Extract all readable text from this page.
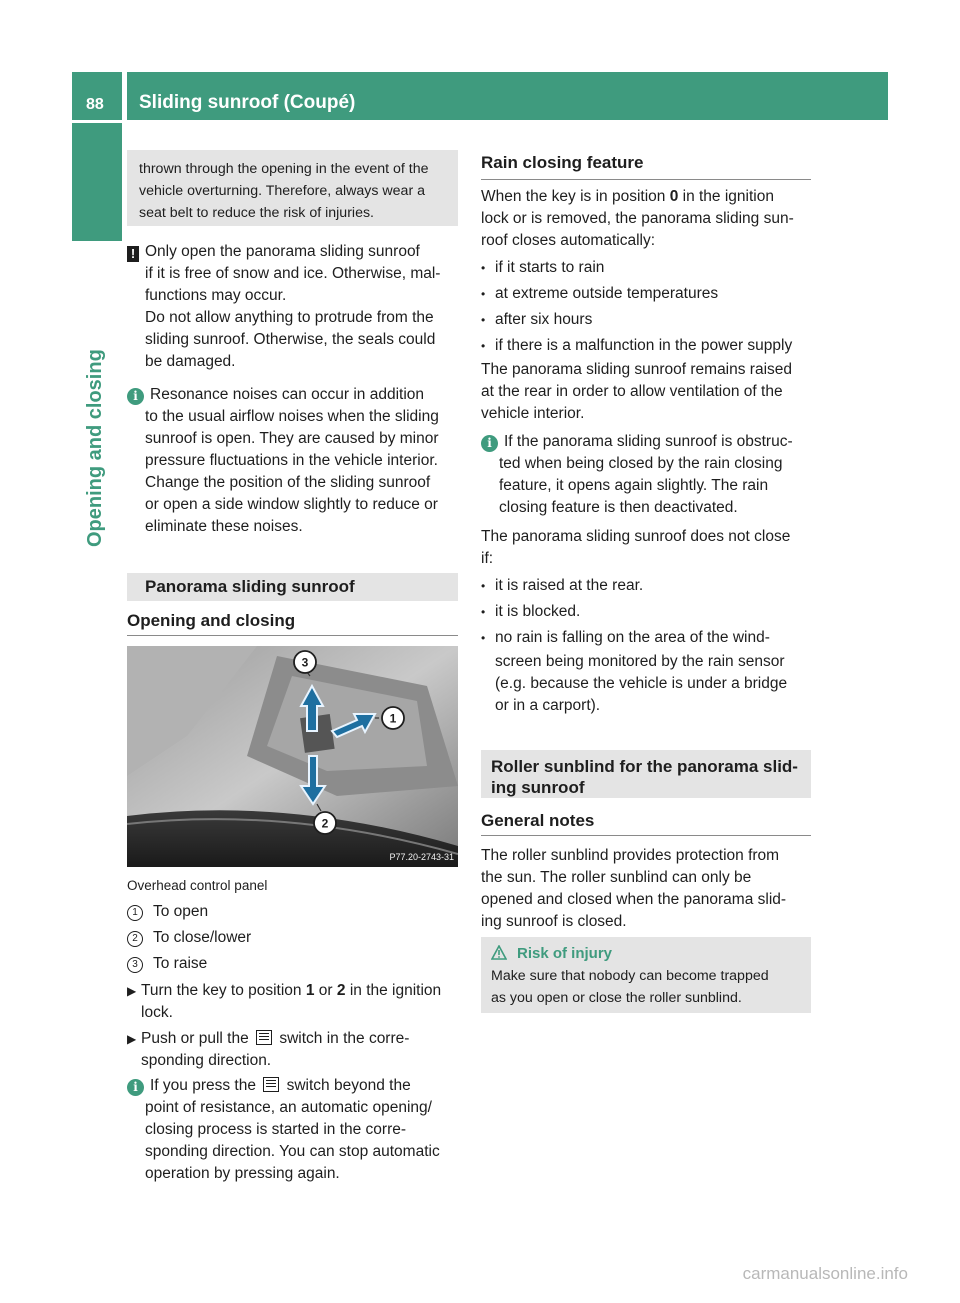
88	Sliding sunroof (Coupé)
Opening and closing
thrown through the opening in the event of the vehicle overturning. Therefore, always wear a seat belt to reduce the risk of injuries.

! Only open the panorama sliding sunroof

if it is free of snow and ice. Otherwise, mal-

functions may occur.

Do not allow anything to protrude from the

sliding sunroof. Otherwise, the seals could

be damaged.

i Resonance noises can occur in addition

to the usual airflow noises when the sliding

sunroof is open. They are caused by minor

pressure fluctuations in the vehicle interior.

Change the position of the sliding sunroof

or open a side window slightly to reduce or

eliminate these noises.

Panorama sliding sunroof
Opening and closing
3
1
2
P77.20-2743-31

Overhead control panel

1 To open

2 To close/lower

3 To raise

▶ Turn the key to position 1 or 2 in the ignition

lock.

▶ Push or pull the switch in the corre-

sponding direction.

i If you press the switch beyond the

point of resistance, an automatic opening/

closing process is started in the corre-

sponding direction. You can stop automatic

operation by pressing again.

Rain closing feature

When the key is in position 0 in the ignition

lock or is removed, the panorama sliding sun-

roof closes automatically:

• if it starts to rain

• at extreme outside temperatures

• after six hours

• if there is a malfunction in the power supply

The panorama sliding sunroof remains raised

at the rear in order to allow ventilation of the

vehicle interior.

i If the panorama sliding sunroof is obstruc-

ted when being closed by the rain closing

feature, it opens again slightly. The rain

closing feature is then deactivated.

The panorama sliding sunroof does not close

if:

• it is raised at the rear.

• it is blocked.

• no rain is falling on the area of the wind-

screen being monitored by the rain sensor

(e.g. because the vehicle is under a bridge

or in a carport).

Roller sunblind for the panorama slid-
ing sunroof
General notes

The roller sunblind provides protection from

the sun. The roller sunblind can only be

opened and closed when the panorama slid-

ing sunroof is closed.

Risk of injury
Make sure that nobody can become trapped
as you open or close the roller sunblind.
carmanualsonline.info
